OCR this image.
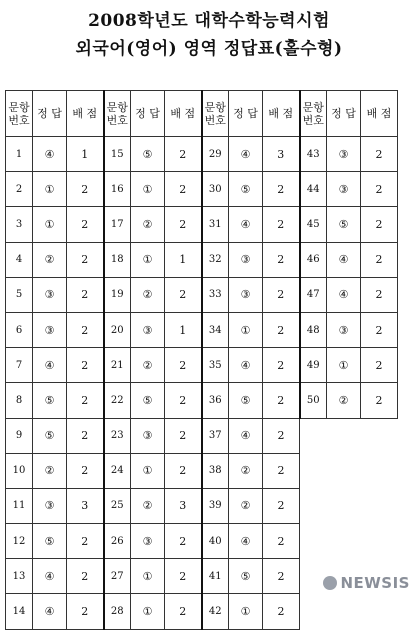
2008학년도 대학수학능력시험
외국어(영어) 영역 정답표(홀수형)
문항번호	정 답	배 점	문항번호	정 답	배 점	문항번호	정 답	배 점	문항번호	정 답	배 점
1	④	1	15	⑤	2	29	④	3	43	③	2
2	①	2	16	①	2	30	⑤	2	44	③	2
3	①	2	17	②	2	31	④	2	45	⑤	2
4	②	2	18	①	1	32	③	2	46	④	2
5	③	2	19	②	2	33	③	2	47	④	2
6	③	2	20	③	1	34	①	2	48	③	2
7	④	2	21	②	2	35	④	2	49	①	2
8	⑤	2	22	⑤	2	36	⑤	2	50	②	2
9	⑤	2	23	③	2	37	④	2			
10	②	2	24	①	2	38	②	2			
11	③	3	25	②	3	39	②	2			
12	⑤	2	26	③	2	40	④	2			
13	④	2	27	①	2	41	⑤	2			
14	④	2	28	①	2	42	①	2			
NEWSIS
